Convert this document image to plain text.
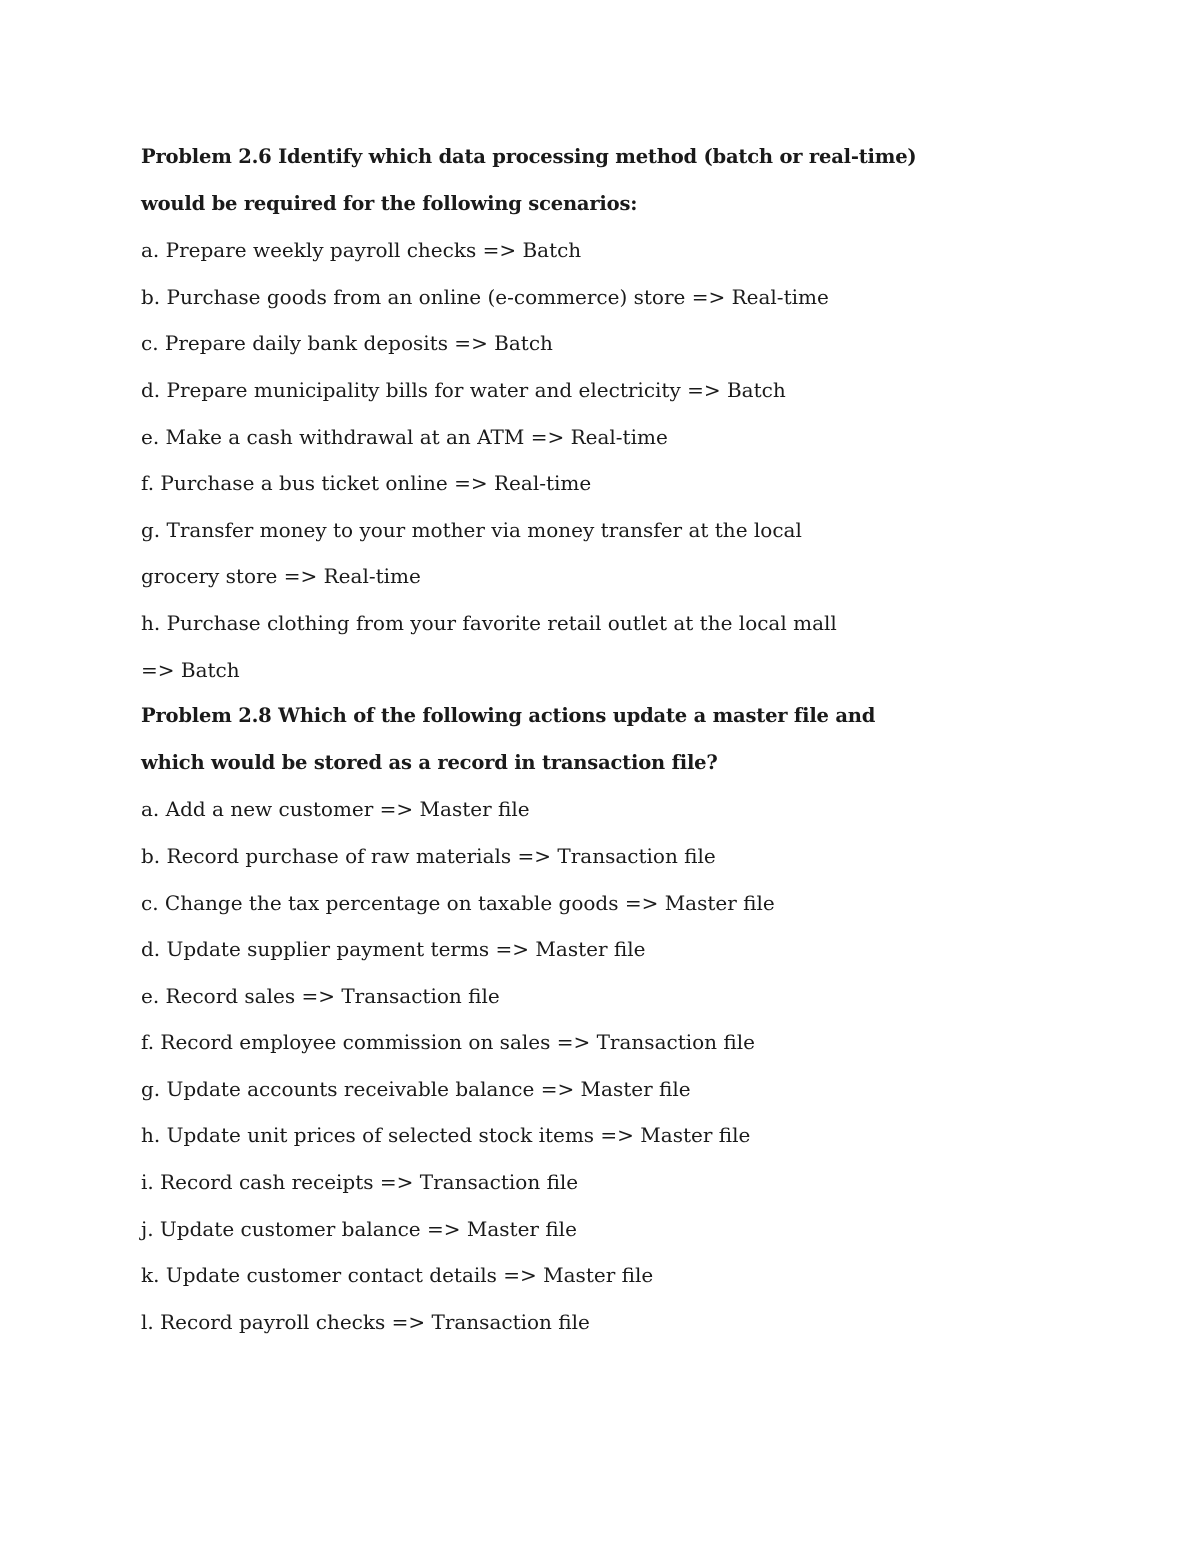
Problem 2.6 Identify which data processing method (batch or real-time)
would be required for the following scenarios:
a. Prepare weekly payroll checks => Batch
b. Purchase goods from an online (e-commerce) store => Real-time
c. Prepare daily bank deposits => Batch
d. Prepare municipality bills for water and electricity => Batch
e. Make a cash withdrawal at an ATM => Real-time
f. Purchase a bus ticket online => Real-time
g. Transfer money to your mother via money transfer at the local
grocery store => Real-time
h. Purchase clothing from your favorite retail outlet at the local mall
=> Batch
Problem 2.8 Which of the following actions update a master file and
which would be stored as a record in transaction file?
a. Add a new customer => Master file
b. Record purchase of raw materials => Transaction file
c. Change the tax percentage on taxable goods => Master file
d. Update supplier payment terms => Master file
e. Record sales => Transaction file
f. Record employee commission on sales => Transaction file
g. Update accounts receivable balance => Master file
h. Update unit prices of selected stock items => Master file
i. Record cash receipts => Transaction file
j. Update customer balance => Master file
k. Update customer contact details => Master file
l. Record payroll checks => Transaction file
